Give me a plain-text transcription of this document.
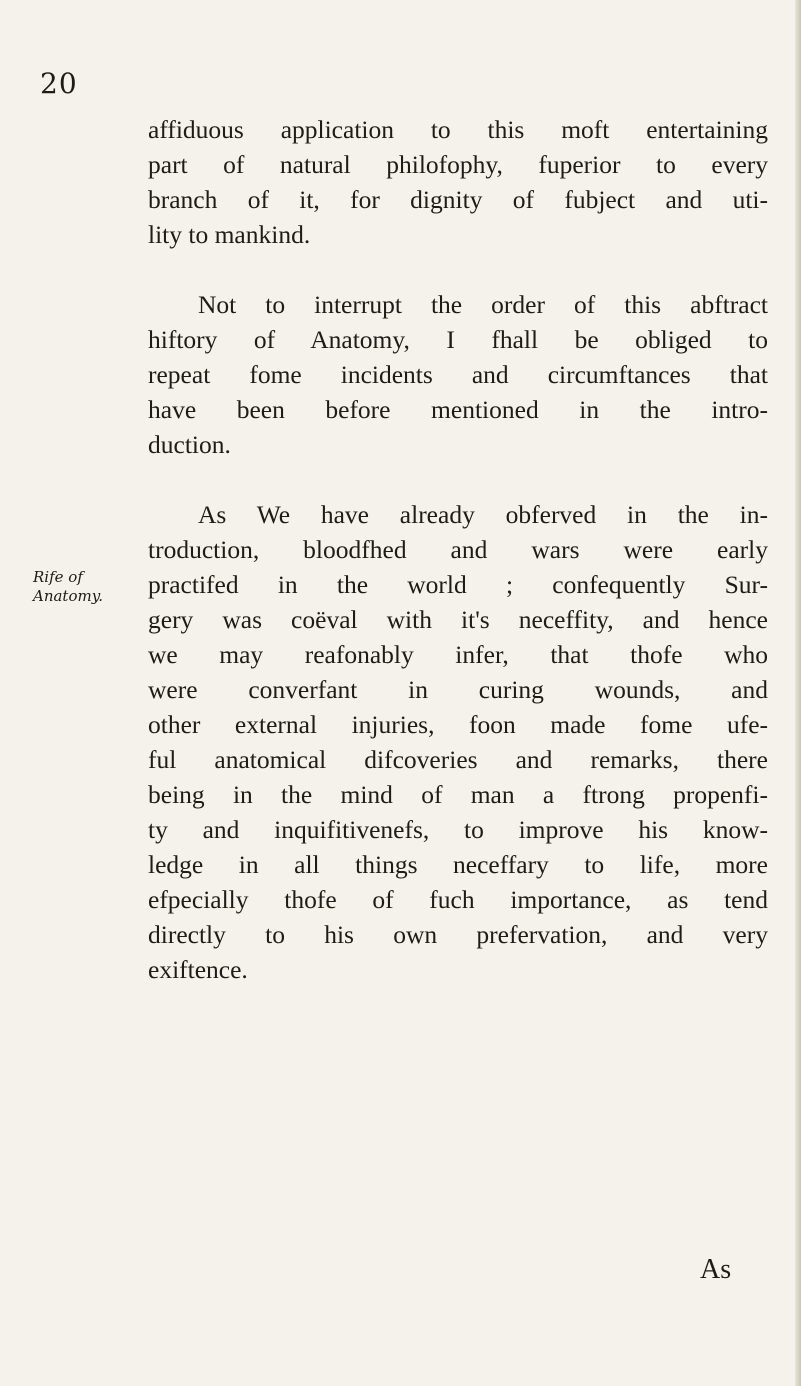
20
Rife of
Anatomy.
affiduous application to this moft entertaining
part of natural philofophy, fuperior to every
branch of it, for dignity of fubject and uti-
lity to mankind.
Not to interrupt the order of this abftract
hiftory of Anatomy, I fhall be obliged to
repeat fome incidents and circumftances that
have been before mentioned in the intro-
duction.
As We have already obferved in the in-
troduction, bloodfhed and wars were early
practifed in the world ; confequently Sur-
gery was coëval with it's neceffity, and hence
we may reafonably infer, that thofe who
were converfant in curing wounds, and
other external injuries, foon made fome ufe-
ful anatomical difcoveries and remarks, there
being in the mind of man a ftrong propenfi-
ty and inquifitivenefs, to improve his know-
ledge in all things neceffary to life, more
efpecially thofe of fuch importance, as tend
directly to his own prefervation, and very
exiftence.
As
